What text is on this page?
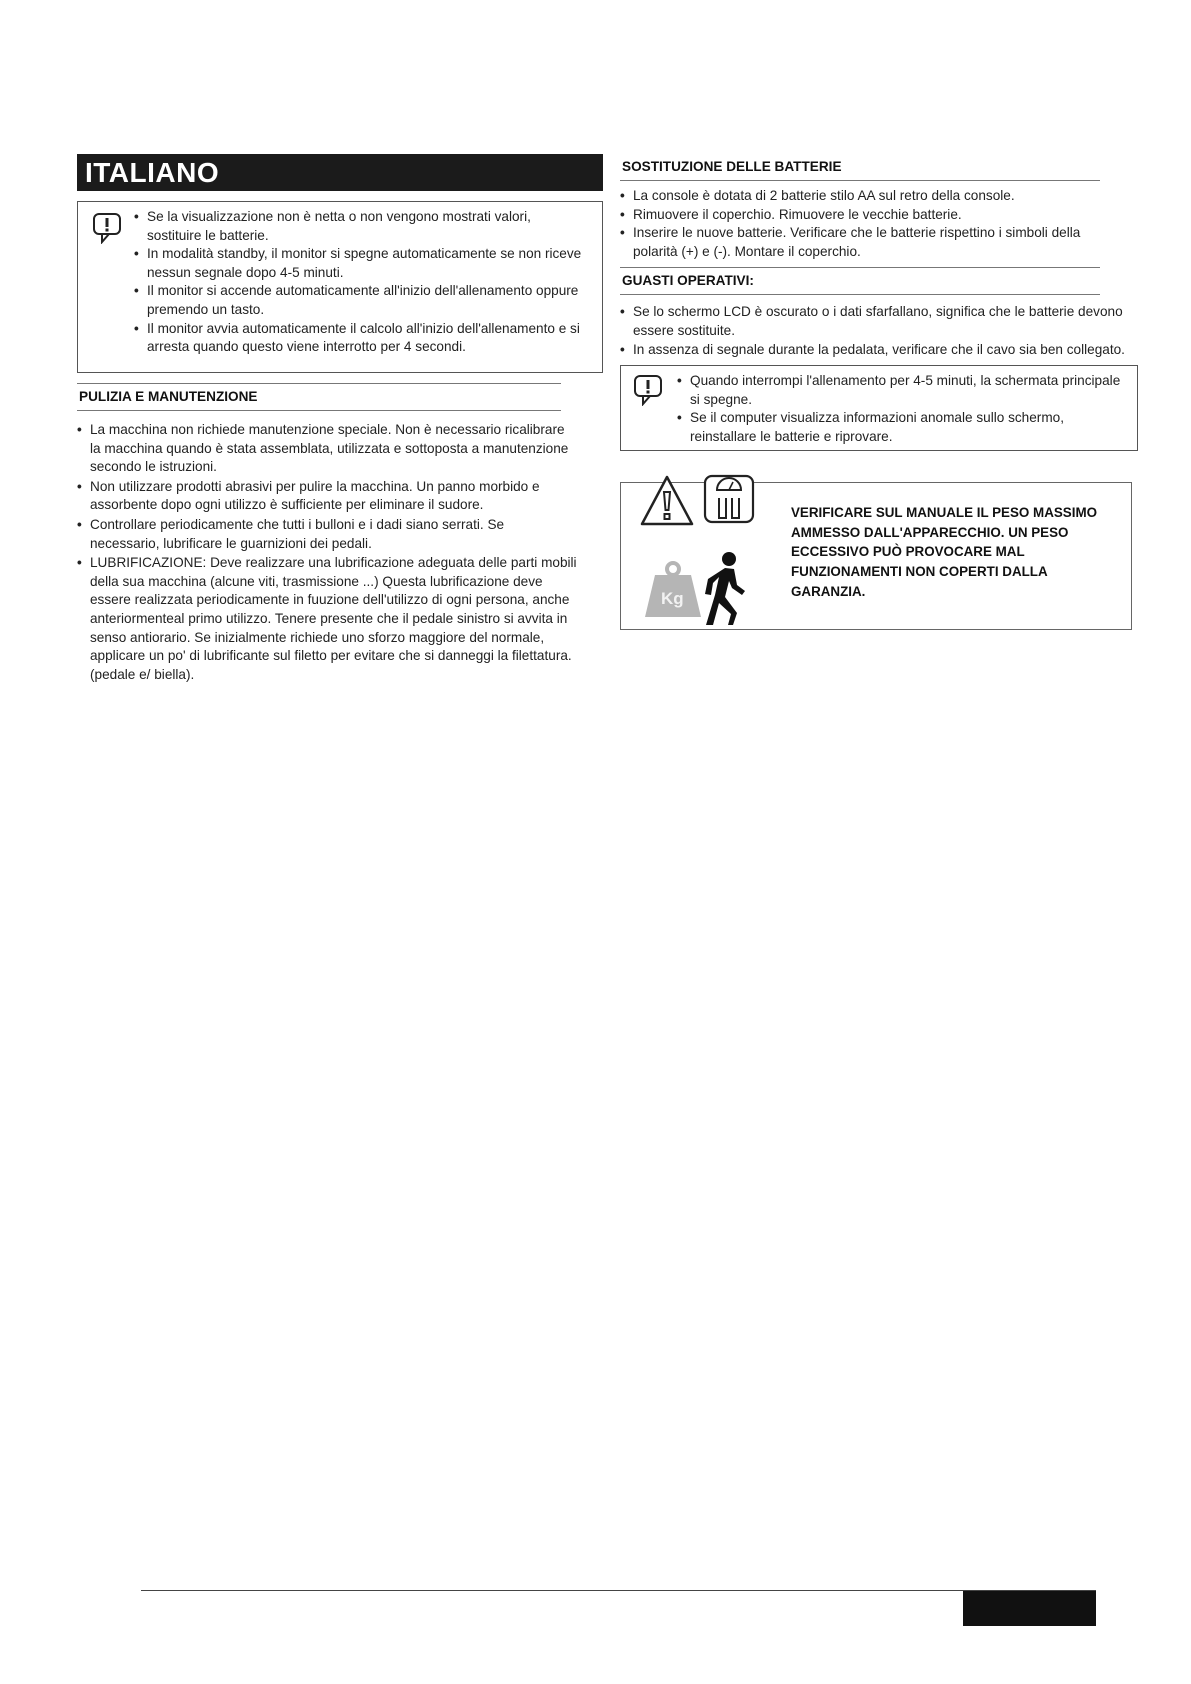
ITALIANO
• Se la visualizzazione non è netta o non vengono mostrati valori, sostituire le batterie.
• In modalità standby, il monitor si spegne automaticamente se non riceve nessun segnale dopo 4-5 minuti.
• Il monitor si accende automaticamente all'inizio dell'allenamento oppure premendo un tasto.
• Il monitor avvia automaticamente il calcolo all'inizio dell'allenamento e si arresta quando questo viene interrotto per 4 secondi.
PULIZIA E MANUTENZIONE
• La macchina non richiede manutenzione speciale. Non è necessario ricalibrare la macchina quando è stata assemblata, utilizzata e sottoposta a manutenzione secondo le istruzioni.
• Non utilizzare prodotti abrasivi per pulire la macchina. Un panno morbido e assorbente dopo ogni utilizzo è sufficiente per eliminare il sudore.
• Controllare periodicamente che tutti i bulloni e i dadi siano serrati. Se necessario, lubrificare le guarnizioni dei pedali.
• LUBRIFICAZIONE: Deve realizzare una lubrificazione adeguata delle parti mobili della sua macchina (alcune viti, trasmissione ...) Questa lubrificazione deve essere realizzata periodicamente in fuuzione dell'utilizzo di ogni persona, anche anteriormenteal primo utilizzo. Tenere presente che il pedale sinistro si avvita in senso antiorario. Se inizialmente richiede uno sforzo maggiore del normale, applicare un po' di lubrificante sul filetto per evitare che si danneggi la filettatura. (pedale e/ biella).
SOSTITUZIONE DELLE BATTERIE
• La console è dotata di 2 batterie stilo AA sul retro della console.
• Rimuovere il coperchio. Rimuovere le vecchie batterie.
• Inserire le nuove batterie. Verificare che le batterie rispettino i simboli della polarità (+) e (-). Montare il coperchio.
GUASTI OPERATIVI:
• Se lo schermo LCD è oscurato o i dati sfarfallano, significa che le batterie devono essere sostituite.
• In assenza di segnale durante la pedalata, verificare che il cavo sia ben collegato.
• Quando interrompi l'allenamento per 4-5 minuti, la schermata principale si spegne.
• Se il computer visualizza informazioni anomale sullo schermo, reinstallare le batterie e riprovare.
Kg
VERIFICARE SUL MANUALE IL PESO MASSIMO AMMESSO DALL'APPARECCHIO. UN PESO ECCESSIVO PUÒ PROVOCARE MAL FUNZIONAMENTI NON COPERTI DALLA GARANZIA.
